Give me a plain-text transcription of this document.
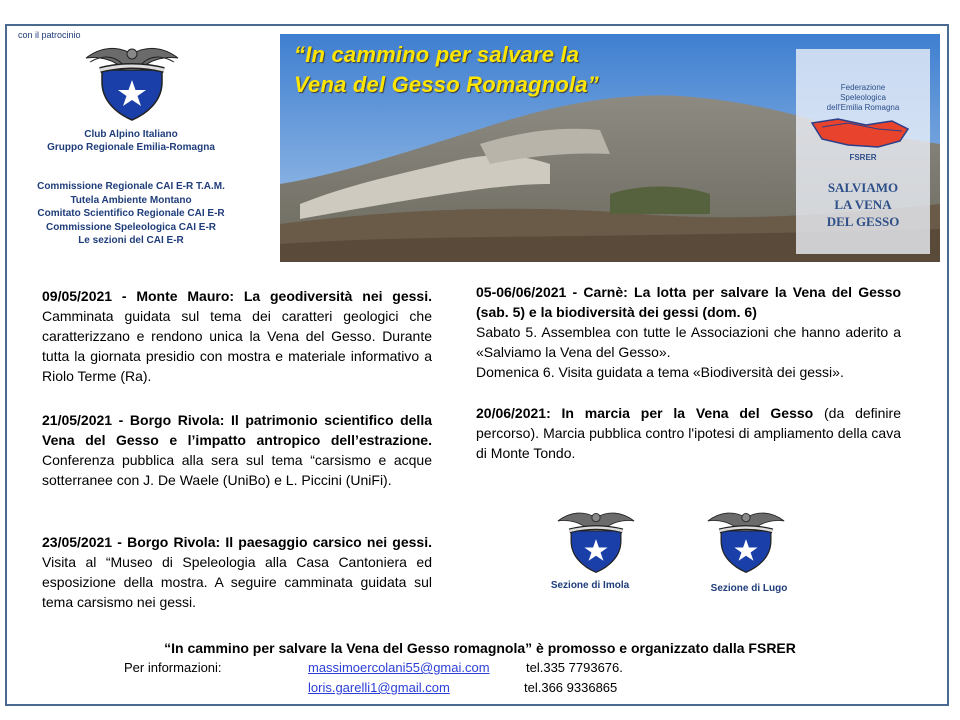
con il patrocinio
Club Alpino Italiano
Gruppo Regionale Emilia-Romagna
Commissione Regionale CAI E-R T.A.M.
Tutela Ambiente Montano
Comitato Scientifico Regionale CAI E-R
Commissione Speleologica CAI E-R
Le sezioni del CAI E-R
“In cammino per salvare la
Vena del Gesso Romagnola”	Federazione
Speleologica
dell'Emilia Romagna
FSRER
SALVIAMO
LA VENA
DEL GESSO
09/05/2021 - Monte Mauro: La geodiversità nei gessi. Camminata guidata sul tema dei caratteri geologici che caratterizzano e rendono unica la Vena del Gesso. Durante tutta la giornata presidio con mostra e materiale informativo a Riolo Terme (Ra).
21/05/2021 - Borgo Rivola: Il patrimonio scientifico della Vena del Gesso e l’impatto antropico dell’estrazione. Conferenza pubblica alla sera sul tema “carsismo e acque sotterranee con J. De Waele (UniBo) e L. Piccini (UniFi).
23/05/2021 - Borgo Rivola: Il paesaggio carsico nei gessi. Visita al “Museo di Speleologia alla Casa Cantoniera ed esposizione della mostra. A seguire camminata guidata sul tema carsismo nei gessi.
05-06/06/2021 - Carnè: La lotta per salvare la Vena del Gesso (sab. 5) e la biodiversità dei gessi (dom. 6)
Sabato 5. Assemblea con tutte le Associazioni che hanno aderito a «Salviamo la Vena del Gesso».
Domenica 6. Visita guidata a tema «Biodiversità dei gessi».
20/06/2021: In marcia per la Vena del Gesso (da definire percorso). Marcia pubblica contro l'ipotesi di ampliamento della cava di Monte Tondo.
Sezione di Imola	Sezione di Lugo
“In cammino per salvare la Vena del Gesso romagnola” è promosso e organizzato dalla FSRER
Per informazioni:	massimoercolani55@gmai.com	tel.335 7793676.
loris.garelli1@gmail.com	tel.366 9336865
